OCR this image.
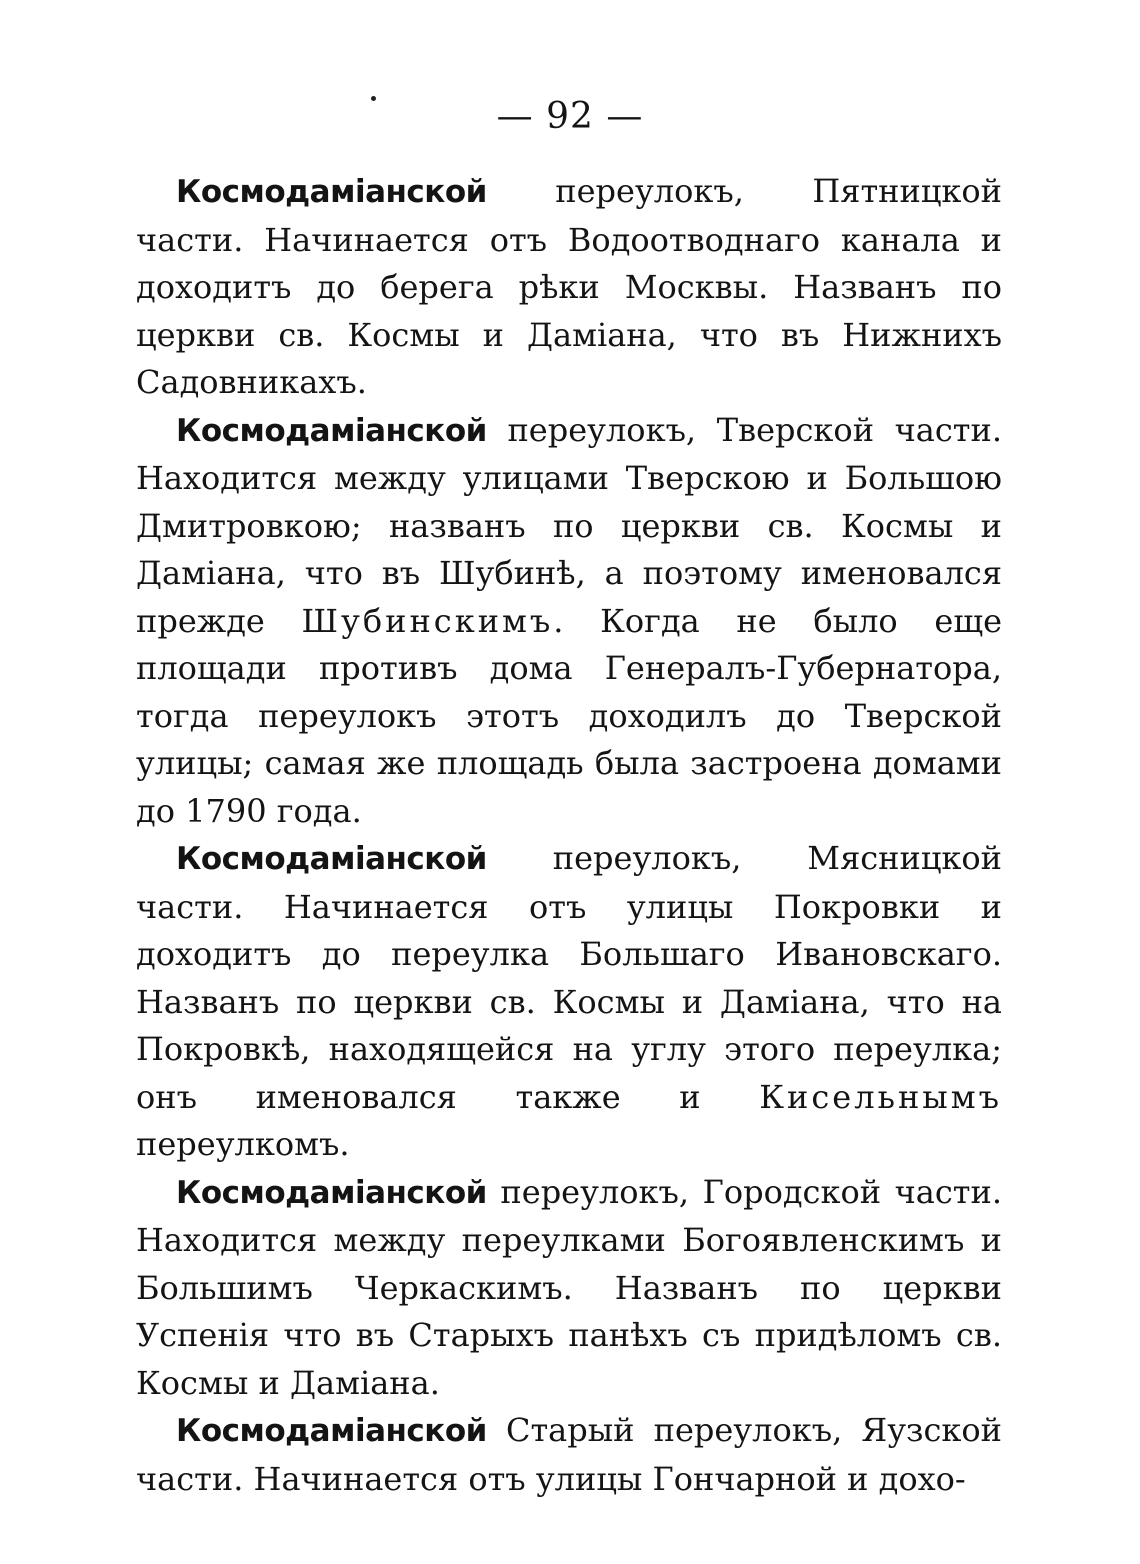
— 92 —

Космодаміанской переулокъ, Пятницкой части. Начинается отъ Водоотводнаго канала и доходитъ до берега рѣки Москвы. Названъ по церкви св. Космы и Даміана, что въ Нижнихъ Садовникахъ.

Космодаміанской переулокъ, Тверской части. Находится между улицами Тверскою и Большою Дмитровкою; названъ по церкви св. Космы и Даміана, что въ Шубинѣ, а поэтому именовался прежде Шубинскимъ. Когда не было еще площади противъ дома Генералъ-Губернатора, тогда переулокъ этотъ доходилъ до Тверской улицы; самая же площадь была застроена домами до 1790 года.

Космодаміанской переулокъ, Мясницкой части. Начинается отъ улицы Покровки и доходитъ до переулка Большаго Ивановскаго. Названъ по церкви св. Космы и Даміана, что на Покровкѣ, находящейся на углу этого переулка; онъ именовался также и Кисельнымъ переулкомъ.

Космодаміанской переулокъ, Городской части. Находится между переулками Богоявленскимъ и Большимъ Черкаскимъ. Названъ по церкви Успенія что въ Старыхъ панѣхъ съ придѣломъ св. Космы и Даміана.

Космодаміанской Старый переулокъ, Яузской части. Начинается отъ улицы Гончарной и дохо-
